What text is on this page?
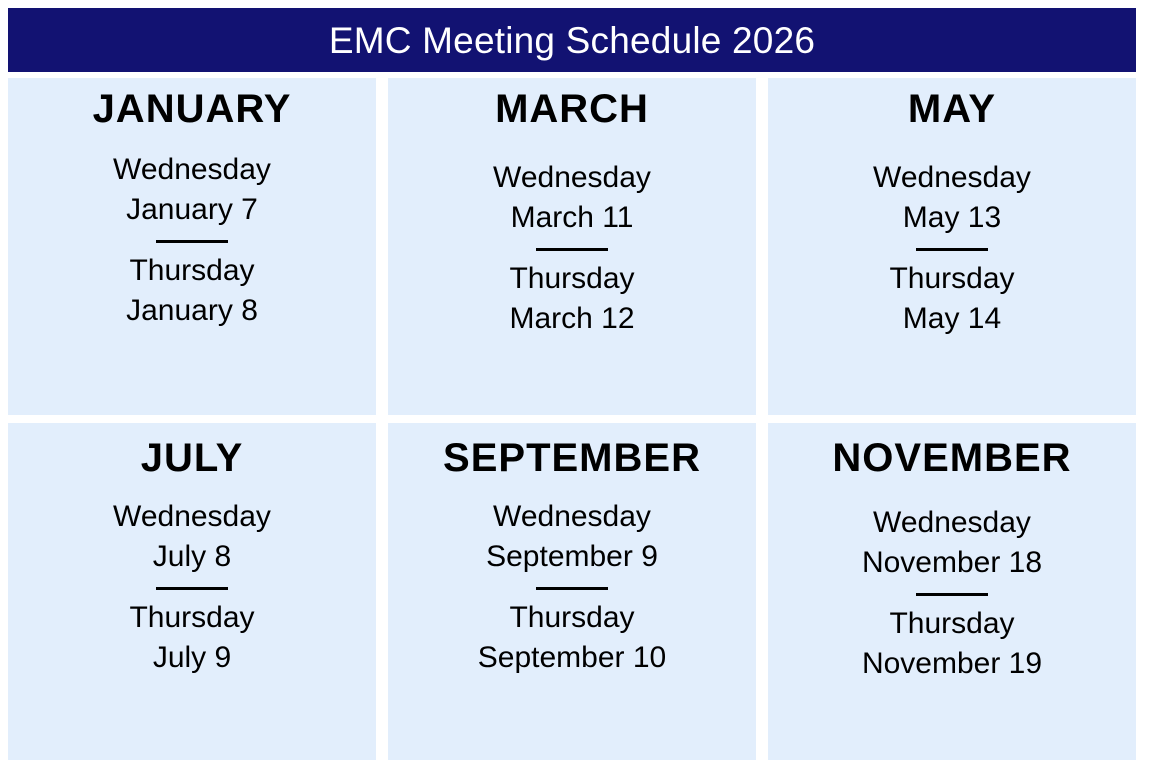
EMC Meeting Schedule 2026
JANUARY
Wednesday
January 7
Thursday
January 8
MARCH
Wednesday
March 11
Thursday
March 12
MAY
Wednesday
May 13
Thursday
May 14
JULY
Wednesday
July 8
Thursday
July 9
SEPTEMBER
Wednesday
September 9
Thursday
September 10
NOVEMBER
Wednesday
November 18
Thursday
November 19
